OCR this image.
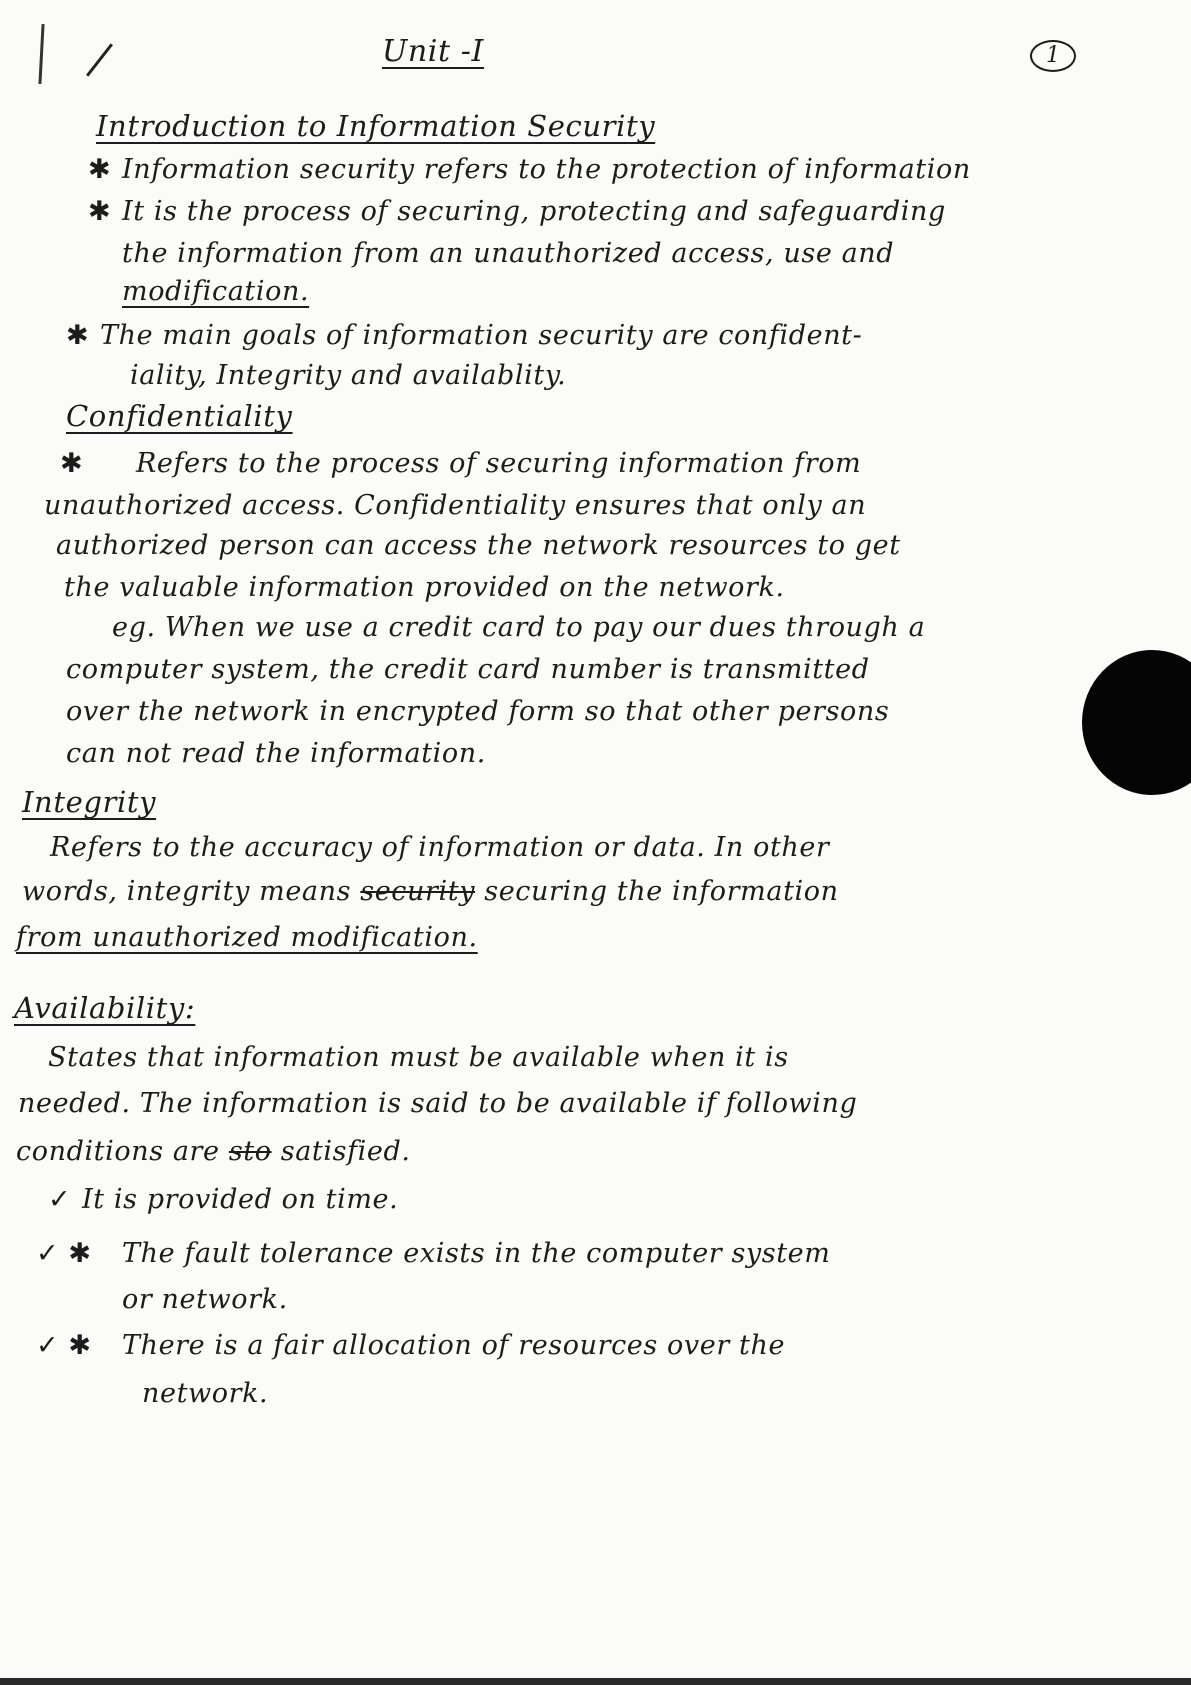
Unit -I	1
Introduction to Information Security
✱ Information security refers to the protection of information
✱ It is the process of securing, protecting and safeguarding
the information from an unauthorized access, use and
modification.
✱ The main goals of information security are confident-
iality, Integrity and availablity.
Confidentiality
✱ Refers to the process of securing information from
unauthorized access. Confidentiality ensures that only an
authorized person can access the network resources to get
the valuable information provided on the network.
eg. When we use a credit card to pay our dues through a
computer system, the credit card number is transmitted
over the network in encrypted form so that other persons
can not read the information.
Integrity
Refers to the accuracy of information or data. In other
words, integrity means security securing the information
from unauthorized modification.
Availability:
States that information must be available when it is
needed. The information is said to be available if following
conditions are sto satisfied.
✓ It is provided on time.
✓ ✱ The fault tolerance exists in the computer system
or network.
✓ ✱ There is a fair allocation of resources over the
network.
